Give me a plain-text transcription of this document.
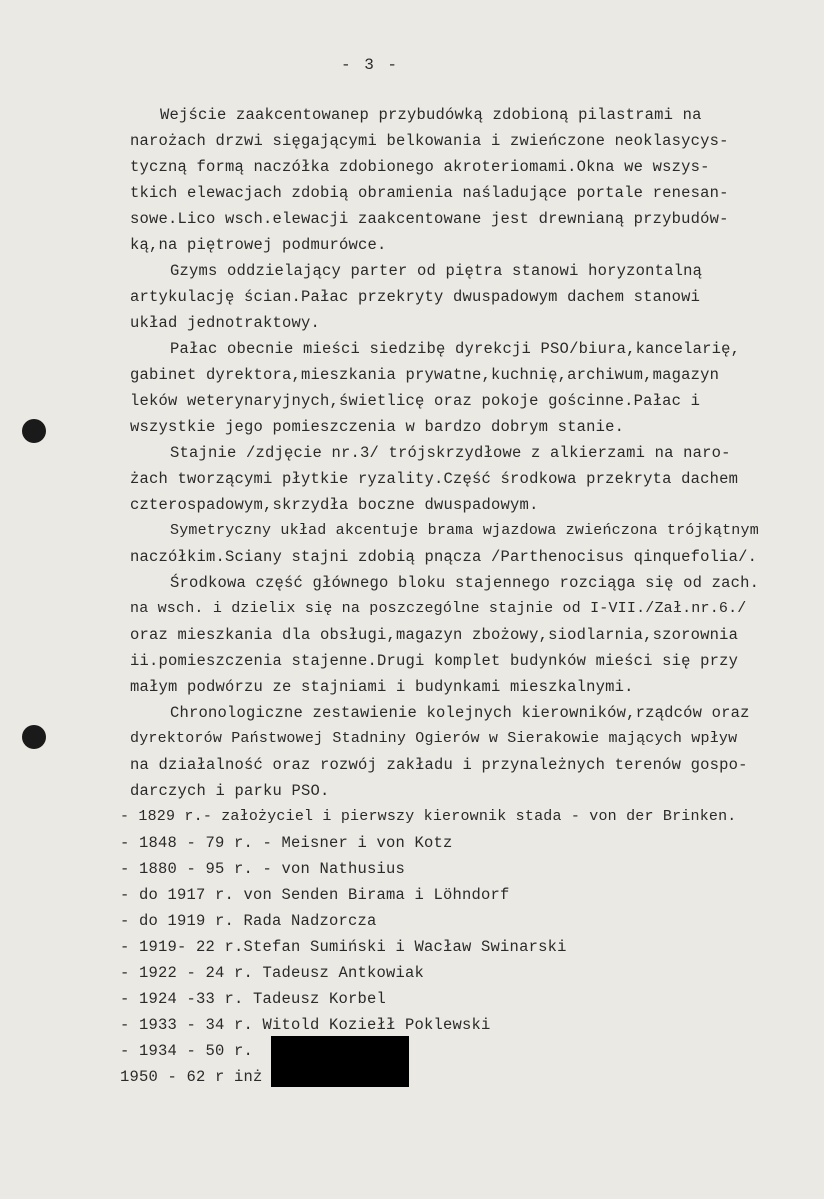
- 3 -
Wejście zaakcentowanep przybudówką zdobioną pilastrami na
narożach drzwi sięgającymi belkowania i zwieńczone neoklasycys-
tyczną formą naczółka zdobionego akroteriomami.Okna we wszys-
tkich elewacjach zdobią obramienia naśladujące portale renesan-
sowe.Lico wsch.elewacji zaakcentowane jest drewnianą przybudów-
ką,na piętrowej podmurówce.
Gzyms oddzielający parter od piętra stanowi horyzontalną
artykulację ścian.Pałac przekryty dwuspadowym dachem stanowi
układ jednotraktowy.
Pałac obecnie mieści siedzibę dyrekcji PSO/biura,kancelarię,
gabinet dyrektora,mieszkania prywatne,kuchnię,archiwum,magazyn
leków weterynaryjnych,świetlicę oraz pokoje gościnne.Pałac i
wszystkie jego pomieszczenia w bardzo dobrym stanie.
Stajnie /zdjęcie nr.3/ trójskrzydłowe z alkierzami na naro-
żach tworzącymi płytkie ryzality.Część środkowa przekryta dachem
czterospadowym,skrzydła boczne dwuspadowym.
Symetryczny układ akcentuje brama wjazdowa zwieńczona trójkątnym
naczółkim.Sciany stajni zdobią pnącza /Parthenocisus qinquefolia/.
Środkowa część głównego bloku stajennego rozciąga się od zach.
na wsch. i dzielix się na poszczególne stajnie od I-VII./Zał.nr.6./
oraz mieszkania dla obsługi,magazyn zbożowy,siodlarnia,szorownia
ii.pomieszczenia stajenne.Drugi komplet budynków mieści się przy
małym podwórzu ze stajniami i budynkami mieszkalnymi.
Chronologiczne zestawienie kolejnych kierowników,rządców oraz
dyrektorów Państwowej Stadniny Ogierów w Sierakowie mających wpływ
na działalność oraz rozwój zakładu i przynależnych terenów gospo-
darczych i parku PSO.
- 1829 r.- założyciel i pierwszy kierownik stada - von der Brinken.
- 1848 - 79 r. - Meisner i von Kotz
- 1880 - 95 r. - von Nathusius
- do 1917 r. von Senden Birama i Löhndorf
- do 1919 r. Rada Nadzorcza
- 1919- 22 r.Stefan Sumiński i Wacław Swinarski
- 1922 - 24 r. Tadeusz Antkowiak
- 1924 -33 r. Tadeusz Korbel
- 1933 - 34 r. Witold Koziełł Poklewski
- 1934 - 50 r.
1950 - 62 r inż
